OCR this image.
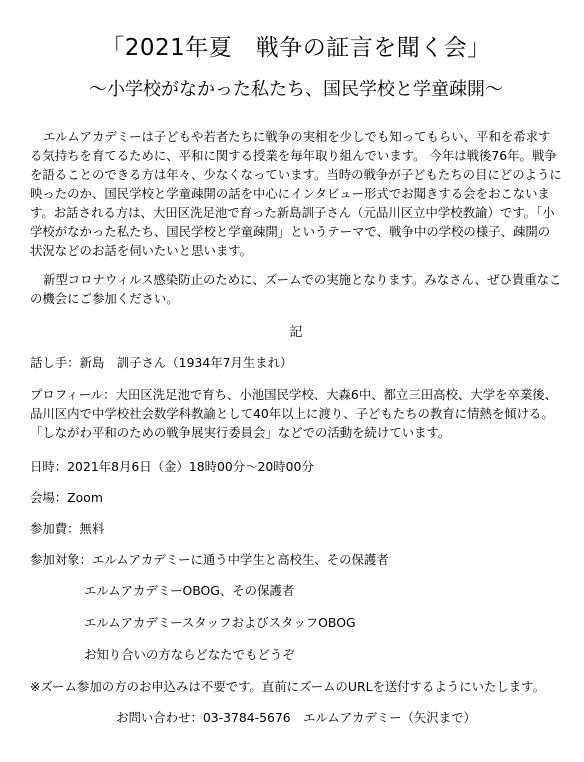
「2021年夏　戦争の証言を聞く会」
〜小学校がなかった私たち、国民学校と学童疎開〜

エルムアカデミーは子どもや若者たちに戦争の実相を少しでも知ってもらい、平和を希求する気持ちを育てるために、平和に関する授業を毎年取り組んでいます。 今年は戦後76年。戦争を語ることのできる方は年々、少なくなっています。当時の戦争が子どもたちの目にどのように映ったのか、国民学校と学童疎開の話を中心にインタビュー形式でお聞きする会をおこないます。お話される方は、大田区洗足池で育った新島訓子さん（元品川区立中学校教諭）です。「小学校がなかった私たち、国民学校と学童疎開」というテーマで、戦争中の学校の様子、疎開の状況などのお話を伺いたいと思います。

新型コロナウィルス感染防止のために、ズームでの実施となります。みなさん、ぜひ貴重なこの機会にご参加ください。

記

話し手：新島　訓子さん（1934年7月生まれ）

プロフィール：大田区洗足池で育ち、小池国民学校、大森6中、都立三田高校、大学を卒業後、品川区内で中学校社会数学科教諭として40年以上に渡り、子どもたちの教育に情熱を傾ける。「しながわ平和のための戦争展実行委員会」などでの活動を続けています。

日時：2021年8月6日（金）18時00分～20時00分

会場：Zoom

参加費：無料

参加対象：エルムアカデミーに通う中学生と高校生、その保護者

エルムアカデミーOBOG、その保護者

エルムアカデミースタッフおよびスタッフOBOG

お知り合いの方ならどなたでもどうぞ

※ズーム参加の方のお申込みは不要です。直前にズームのURLを送付するようにいたします。

お問い合わせ：03-3784-5676　エルムアカデミー（矢沢まで）
